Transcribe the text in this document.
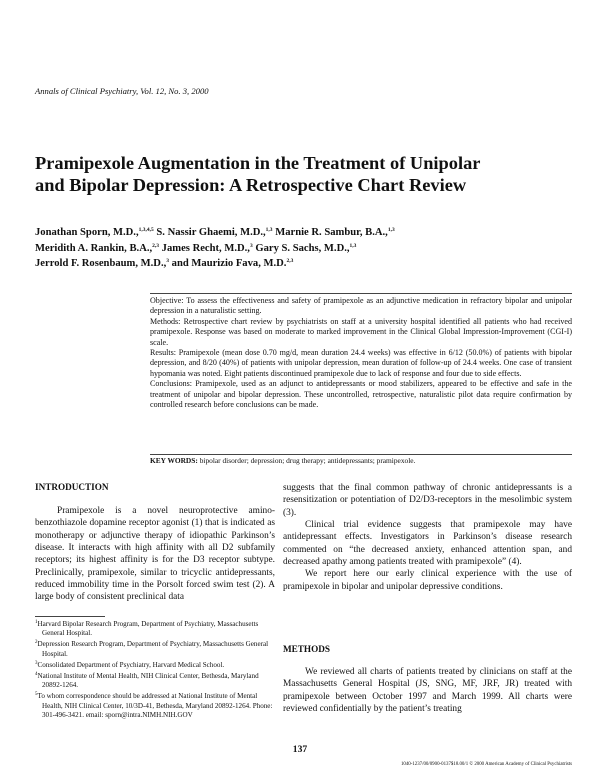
Annals of Clinical Psychiatry, Vol. 12, No. 3, 2000
Pramipexole Augmentation in the Treatment of Unipolar
and Bipolar Depression: A Retrospective Chart Review
Jonathan Sporn, M.D.,$^{1,3,4,5}$ S. Nassir Ghaemi, M.D.,$^{1,3}$ Marnie R. Sambur, B.A.,$^{1,3}$
Meridith A. Rankin, B.A.,$^{2,3}$ James Recht, M.D.,$^3$ Gary S. Sachs, M.D.,$^{1,3}$
Jerrold F. Rosenbaum, M.D.,$^3$ and Maurizio Fava, M.D.$^{2,3}$

Objective: To assess the effectiveness and safety of pramipexole as an adjunctive medication in refractory bipolar and unipolar depression in a naturalistic setting.

Methods: Retrospective chart review by psychiatrists on staff at a university hospital identified all patients who had received pramipexole. Response was based on moderate to marked improvement in the Clinical Global Impression-Improvement (CGI-I) scale.

Results: Pramipexole (mean dose 0.70 mg/d, mean duration 24.4 weeks) was effective in 6/12 (50.0%) of patients with bipolar depression, and 8/20 (40%) of patients with unipolar depression, mean duration of follow-up of 24.4 weeks. One case of transient hypomania was noted. Eight patients discontinued pramipexole due to lack of response and four due to side effects.

Conclusions: Pramipexole, used as an adjunct to antidepressants or mood stabilizers, appeared to be effective and safe in the treatment of unipolar and bipolar depression. These uncontrolled, retrospective, naturalistic pilot data require confirmation by controlled research before conclusions can be made.

KEY WORDS: bipolar disorder; depression; drug therapy; antidepressants; pramipexole.
INTRODUCTION

Pramipexole is a novel neuroprotective amino-benzothiazole dopamine receptor agonist (1) that is indicated as monotherapy or adjunctive therapy of idiopathic Parkinson’s disease. It interacts with high affinity with all D2 subfamily receptors; its highest affinity is for the D3 receptor subtype. Preclinically, pramipexole, similar to tricyclic antidepressants, reduced immobility time in the Porsolt forced swim test (2). A large body of consistent preclinical data

$^1$Harvard Bipolar Research Program, Department of Psychiatry, Massachusetts General Hospital.

$^2$Depression Research Program, Department of Psychiatry, Massachusetts General Hospital.

$^3$Consolidated Department of Psychiatry, Harvard Medical School.

$^4$National Institute of Mental Health, NIH Clinical Center, Bethesda, Maryland 20892-1264.

$^5$To whom correspondence should be addressed at National Institute of Mental Health, NIH Clinical Center, 10/3D-41, Bethesda, Maryland 20892-1264. Phone: 301-496-3421. email: sporn@intra.NIMH.NIH.GOV

suggests that the final common pathway of chronic antidepressants is a resensitization or potentiation of D2/D3-receptors in the mesolimbic system (3).

Clinical trial evidence suggests that pramipexole may have antidepressant effects. Investigators in Parkinson’s disease research commented on “the decreased anxiety, enhanced attention span, and decreased apathy among patients treated with pramipexole” (4).

We report here our early clinical experience with the use of pramipexole in bipolar and unipolar depressive conditions.

METHODS

We reviewed all charts of patients treated by clinicians on staff at the Massachusetts General Hospital (JS, SNG, MF, JRF, JR) treated with pramipexole between October 1997 and March 1999. All charts were reviewed confidentially by the patient’s treating

137
1040-1237/00/0900-0137$18.00/1 © 2000 American Academy of Clinical Psychiatrists
